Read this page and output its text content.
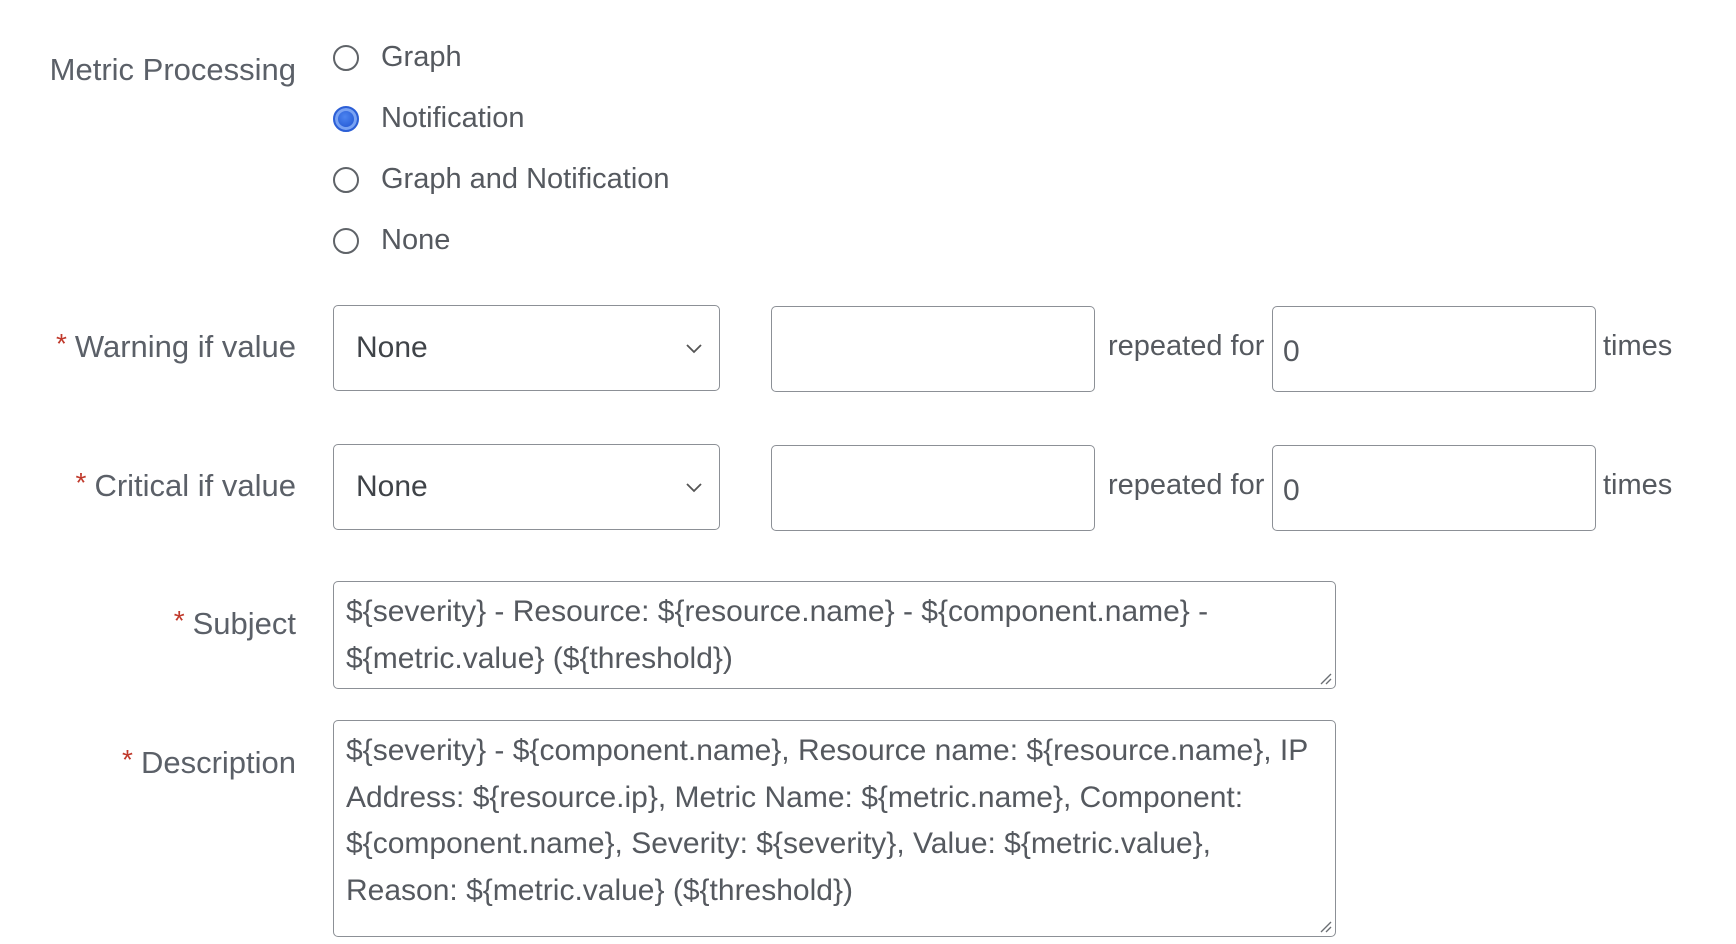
Metric Processing	Graph
Notification
Graph and Notification
None
* Warning if value None	repeated for 0	times
* Critical if value None	repeated for 0	times
* Subject	${severity} - Resource: ${resource.name} - ${component.name} - ${metric.value} (${threshold})
* Description	${severity} - ${component.name}, Resource name: ${resource.name}, IP Address: ${resource.ip}, Metric Name: ${metric.name}, Component: ${component.name}, Severity: ${severity}, Value: ${metric.value}, Reason: ${metric.value} (${threshold})
